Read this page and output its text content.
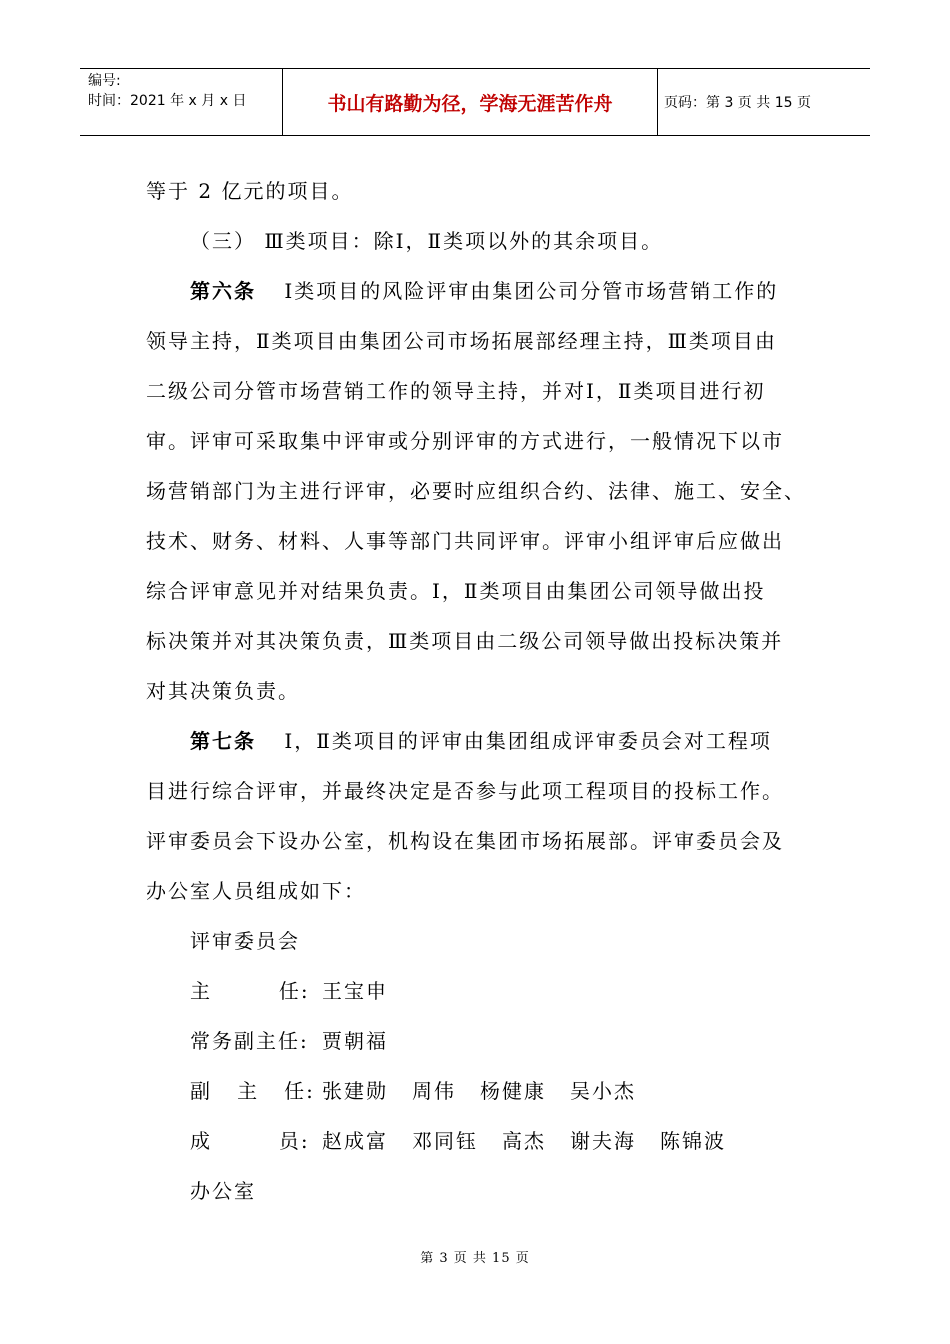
编号:
时间：2021 年 x 月 x 日	书山有路勤为径，学海无涯苦作舟	页码：第 3 页 共 15 页
等于 2 亿元的项目。
（三） Ⅲ类项目：除Ⅰ，Ⅱ类项以外的其余项目。
第六条 Ⅰ类项目的风险评审由集团公司分管市场营销工作的
领导主持，Ⅱ类项目由集团公司市场拓展部经理主持，Ⅲ类项目由
二级公司分管市场营销工作的领导主持，并对Ⅰ，Ⅱ类项目进行初
审。评审可采取集中评审或分别评审的方式进行，一般情况下以市
场营销部门为主进行评审，必要时应组织合约、法律、施工、安全、
技术、财务、材料、人事等部门共同评审。评审小组评审后应做出
综合评审意见并对结果负责。Ⅰ，Ⅱ类项目由集团公司领导做出投
标决策并对其决策负责，Ⅲ类项目由二级公司领导做出投标决策并
对其决策负责。
第七条 Ⅰ，Ⅱ类项目的评审由集团组成评审委员会对工程项
目进行综合评审，并最终决定是否参与此项工程项目的投标工作。
评审委员会下设办公室，机构设在集团市场拓展部。评审委员会及
办公室人员组成如下：
评审委员会
主        任: 王宝申
常务副主任: 贾朝福
副   主   任: 张建勋 周伟 杨健康 吴小杰
成        员: 赵成富 邓同钰 高杰 谢夫海 陈锦波
办公室
第 3 页 共 15 页
